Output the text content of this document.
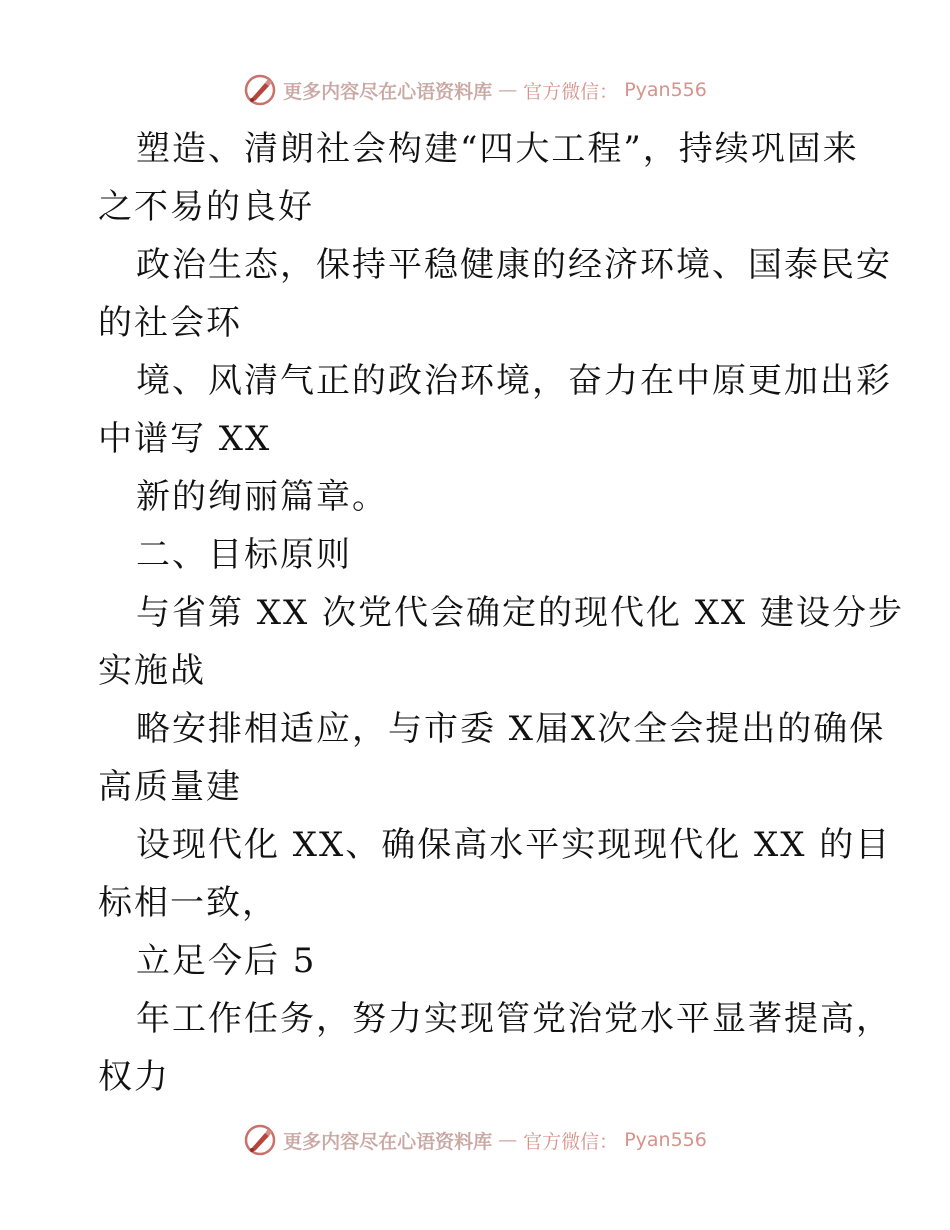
更多内容尽在心语资料库 — 官方微信： Pyan556
塑造、清朗社会构建“四大工程”，持续巩固来
之不易的良好
政治生态，保持平稳健康的经济环境、国泰民安
的社会环
境、风清气正的政治环境，奋力在中原更加出彩
中谱写 XX
新的绚丽篇章。
二、目标原则
与省第 XX 次党代会确定的现代化 XX 建设分步
实施战
略安排相适应，与市委 X届X次全会提出的确保
高质量建
设现代化 XX、确保高水平实现现代化 XX 的目
标相一致，
立足今后 5
年工作任务，努力实现管党治党水平显著提高，
权力
更多内容尽在心语资料库 — 官方微信： Pyan556
